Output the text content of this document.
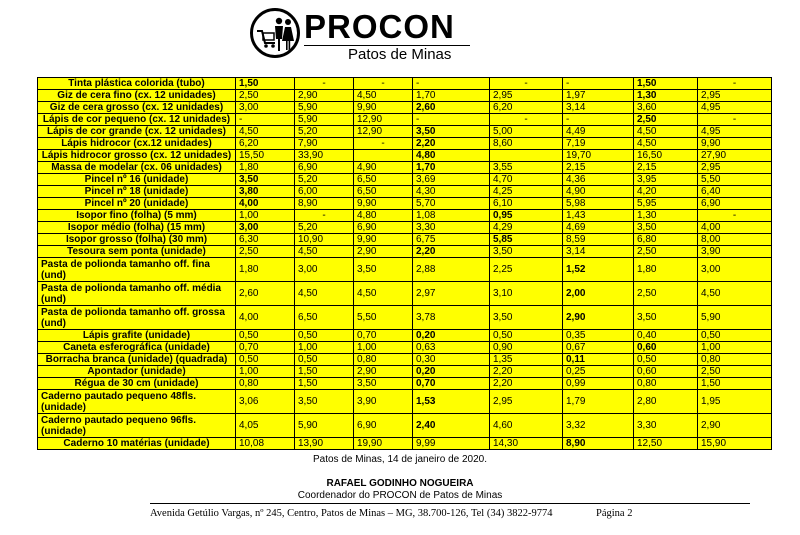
PROCON
Patos de Minas
Tinta plástica colorida (tubo)	1,50	-	-	-	-	-	1,50	-
Giz de cera fino (cx. 12 unidades)	2,50	2,90	4,50	1,70	2,95	1,97	1,30	2,95
Giz de cera grosso (cx. 12 unidades)	3,00	5,90	9,90	2,60	6,20	3,14	3,60	4,95
Lápis de cor pequeno (cx. 12 unidades)	-	5,90	12,90	-	-	-	2,50	-
Lápis de cor grande (cx. 12 unidades)	4,50	5,20	12,90	3,50	5,00	4,49	4,50	4,95
Lápis hidrocor (cx.12 unidades)	6,20	7,90	-	2,20	8,60	7,19	4,50	9,90
Lápis hidrocor grosso (cx. 12 unidades)	15,50	33,90		4,80		19,70	16,50	27,90
Massa de modelar (cx. 06 unidades)	1,80	6,90	4,90	1,70	3,55	2,15	2,15	2,95
Pincel nº 16 (unidade)	3,50	5,20	6,50	3,69	4,70	4,36	3,95	5,50
Pincel nº 18 (unidade)	3,80	6,00	6,50	4,30	4,25	4,90	4,20	6,40
Pincel nº 20 (unidade)	4,00	8,90	9,90	5,70	6,10	5,98	5,95	6,90
Isopor fino (folha) (5 mm)	1,00	-	4,80	1,08	0,95	1,43	1,30	-
Isopor médio (folha) (15 mm)	3,00	5,20	6,90	3,30	4,29	4,69	3,50	4,00
Isopor grosso (folha) (30 mm)	6,30	10,90	9,90	6,75	5,85	8,59	6,80	8,00
Tesoura sem ponta (unidade)	2,50	4,50	2,90	2,20	3,50	3,14	2,50	3,90
Pasta de polionda tamanho off. fina (und)	1,80	3,00	3,50	2,88	2,25	1,52	1,80	3,00
Pasta de polionda tamanho off. média (und)	2,60	4,50	4,50	2,97	3,10	2,00	2,50	4,50
Pasta de polionda tamanho off. grossa (und)	4,00	6,50	5,50	3,78	3,50	2,90	3,50	5,90
Lápis grafite (unidade)	0,50	0,50	0,70	0,20	0,50	0,35	0,40	0,50
Caneta esferográfica (unidade)	0,70	1,00	1,00	0,63	0,90	0,67	0,60	1,00
Borracha branca (unidade) (quadrada)	0,50	0,50	0,80	0,30	1,35	0,11	0,50	0,80
Apontador (unidade)	1,00	1,50	2,90	0,20	2,20	0,25	0,60	2,50
Régua de 30 cm (unidade)	0,80	1,50	3,50	0,70	2,20	0,99	0,80	1,50
Caderno pautado pequeno 48fls. (unidade)	3,06	3,50	3,90	1,53	2,95	1,79	2,80	1,95
Caderno pautado pequeno 96fls. (unidade)	4,05	5,90	6,90	2,40	4,60	3,32	3,30	2,90
Caderno 10 matérias (unidade)	10,08	13,90	19,90	9,99	14,30	8,90	12,50	15,90
Patos de Minas, 14 de janeiro de 2020.
RAFAEL GODINHO NOGUEIRA
Coordenador do PROCON de Patos de Minas
Avenida Getúlio Vargas, nº 245, Centro, Patos de Minas – MG, 38.700-126, Tel (34) 3822-9774	Página 2
